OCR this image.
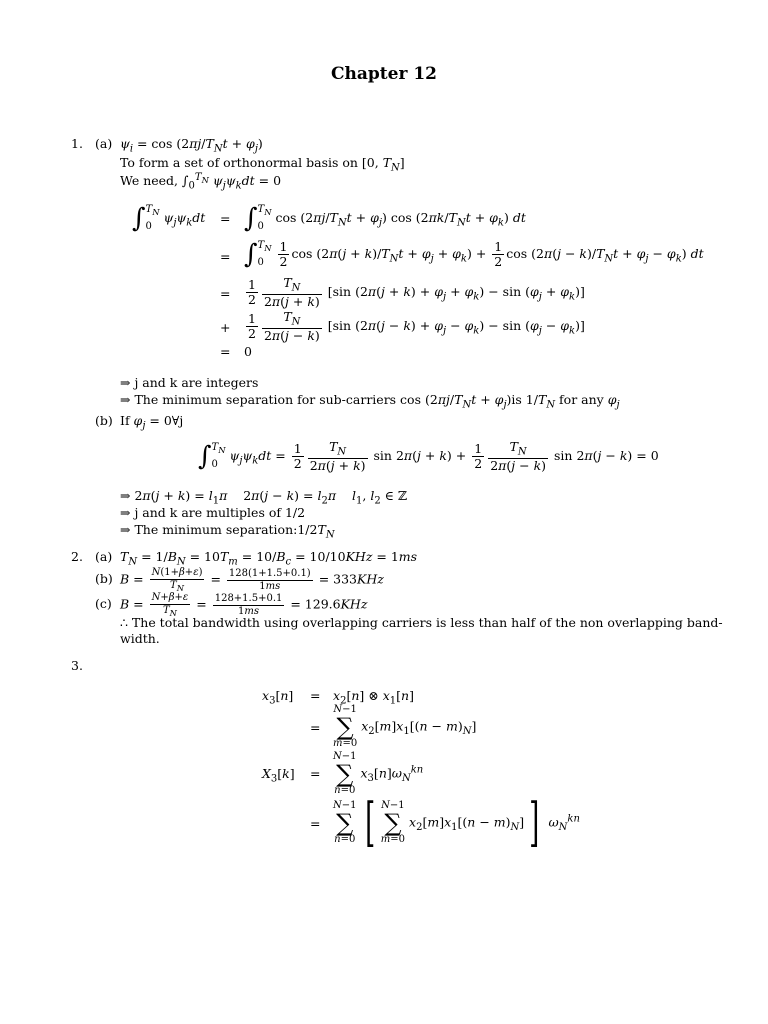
Chapter 12
1. (a) $\psi_i = \cos (2\pi j/T_Nt + \varphi_j)$
To form a set of orthonormal basis on [0, $T_N$]
We need, $\int_0^{T_N}$ $\psi_j\psi_kdt = 0$
∫ $T_N$
0
$\psi_j\psi_kdt$ = ∫ $T_N$
0
$\cos (2\pi j/T_Nt + \varphi_j)$ $\cos (2\pi k/T_Nt + \varphi_k)$ dt
= ∫ $T_N$
0
	$\frac{1}{2}$ $\cos (2\pi(j + k)/T_Nt + \varphi_j + \varphi_k) + \frac{1}{2}$ $\cos (2\pi(j - k)/T_Nt + \varphi_j - \varphi_k)$ dt
= $\frac{1}{2} \frac{T_N}{2\pi(j + k)} [\sin$ $(2\pi(j + k) + \varphi_j + \varphi_k) - \sin (\varphi_j + \varphi_k)$]
+ $\frac{1}{2} \frac{T_N}{2\pi(j - k)} [\sin$ $(2\pi(j - k) + \varphi_j - \varphi_k) - \sin (\varphi_j - \varphi_k)$]
= 0
⇒ j and k are integers
⇒ The minimum separation for sub-carriers $\cos (2\pi j/T_Nt + \varphi_j)is$ $1/T_N$ for any $\varphi_j$
(b) If $\varphi_j$ = 0∀j
∫ $T_N$
0
$\psi_j\psi_kdt = \frac{1}{2} \frac{T_N}{2\pi(j + k)}$ $\sin 2\pi(j + k) + \frac{1}{2} \frac{T_N}{2\pi(j - k)}$ sin 2π(j − k) = 0
⇒ $2\pi(j + k) = l_1\pi$    $2\pi(j - k) = l_2\pi$ $l_1$, $l_2$ ∈ ℤ
⇒ j and k are multiples of 1/2
⇒ The minimum $separation:1/2T_N$
2. (a) $T_N = 1/B_N = 10T_m = 10/B_c = 10/10KHz = 1ms$
(b) $B = \frac{N(1+\beta+\varepsilon)}{T_N} = \frac{128(1+1.5+0.1)}{1ms} = 333KHz$
(c) $B = \frac{N+\beta+\varepsilon}{T_N} = \frac{128+1.5+0.1}{1ms} = 129.6KHz$
∴ The total bandwidth using overlapping carriers is less than half of the non overlapping band-
width.
3.
$x_3[n] = x_2[n]$ ⊗ $x_1[n]$
=
N−1
∑
m=0
$x_2[m]x_1[(n - m)_N]$
$X_3[k]$ =
N−1
∑
n=0
$x_3[n]\omega_N^{kn}$
=
N−1
∑
n=0 [ N−1
∑
m=0
$x_2[m]x_1[(n - m)_N]$] $\omega_N^{kn}$
